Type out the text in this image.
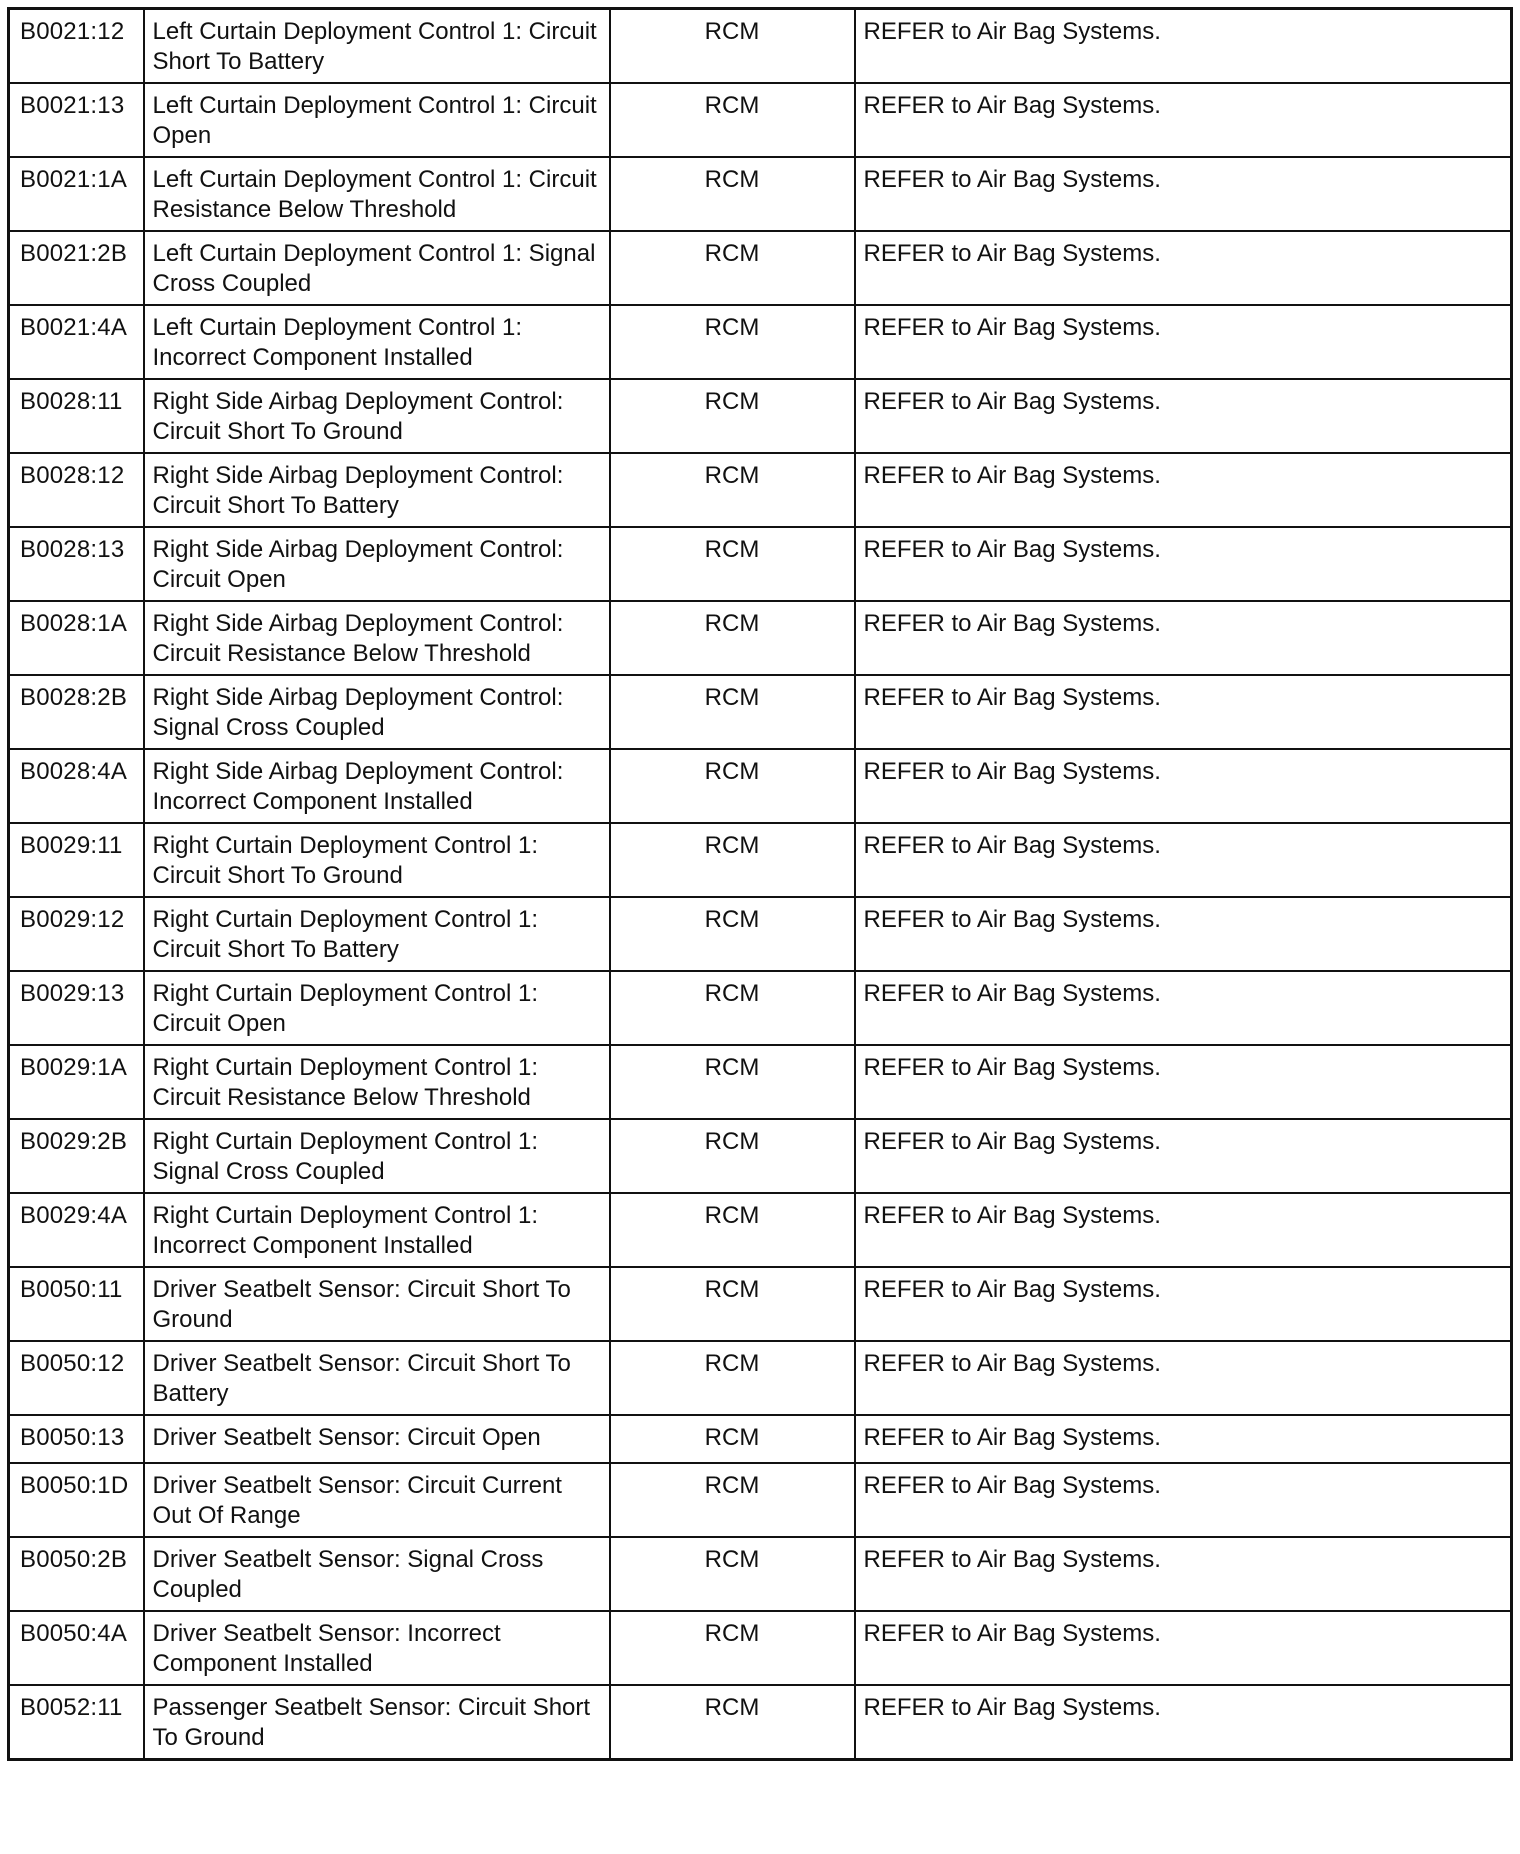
B0021:12	Left Curtain Deployment Control 1: Circuit Short To Battery	RCM	REFER to Air Bag Systems.
B0021:13	Left Curtain Deployment Control 1: Circuit Open	RCM	REFER to Air Bag Systems.
B0021:1A	Left Curtain Deployment Control 1: Circuit Resistance Below Threshold	RCM	REFER to Air Bag Systems.
B0021:2B	Left Curtain Deployment Control 1: Signal Cross Coupled	RCM	REFER to Air Bag Systems.
B0021:4A	Left Curtain Deployment Control 1: Incorrect Component Installed	RCM	REFER to Air Bag Systems.
B0028:11	Right Side Airbag Deployment Control: Circuit Short To Ground	RCM	REFER to Air Bag Systems.
B0028:12	Right Side Airbag Deployment Control: Circuit Short To Battery	RCM	REFER to Air Bag Systems.
B0028:13	Right Side Airbag Deployment Control: Circuit Open	RCM	REFER to Air Bag Systems.
B0028:1A	Right Side Airbag Deployment Control: Circuit Resistance Below Threshold	RCM	REFER to Air Bag Systems.
B0028:2B	Right Side Airbag Deployment Control: Signal Cross Coupled	RCM	REFER to Air Bag Systems.
B0028:4A	Right Side Airbag Deployment Control: Incorrect Component Installed	RCM	REFER to Air Bag Systems.
B0029:11	Right Curtain Deployment Control 1: Circuit Short To Ground	RCM	REFER to Air Bag Systems.
B0029:12	Right Curtain Deployment Control 1: Circuit Short To Battery	RCM	REFER to Air Bag Systems.
B0029:13	Right Curtain Deployment Control 1: Circuit Open	RCM	REFER to Air Bag Systems.
B0029:1A	Right Curtain Deployment Control 1: Circuit Resistance Below Threshold	RCM	REFER to Air Bag Systems.
B0029:2B	Right Curtain Deployment Control 1: Signal Cross Coupled	RCM	REFER to Air Bag Systems.
B0029:4A	Right Curtain Deployment Control 1: Incorrect Component Installed	RCM	REFER to Air Bag Systems.
B0050:11	Driver Seatbelt Sensor: Circuit Short To Ground	RCM	REFER to Air Bag Systems.
B0050:12	Driver Seatbelt Sensor: Circuit Short To Battery	RCM	REFER to Air Bag Systems.
B0050:13	Driver Seatbelt Sensor: Circuit Open	RCM	REFER to Air Bag Systems.
B0050:1D	Driver Seatbelt Sensor: Circuit Current Out Of Range	RCM	REFER to Air Bag Systems.
B0050:2B	Driver Seatbelt Sensor: Signal Cross Coupled	RCM	REFER to Air Bag Systems.
B0050:4A	Driver Seatbelt Sensor: Incorrect Component Installed	RCM	REFER to Air Bag Systems.
B0052:11	Passenger Seatbelt Sensor: Circuit Short To Ground	RCM	REFER to Air Bag Systems.
